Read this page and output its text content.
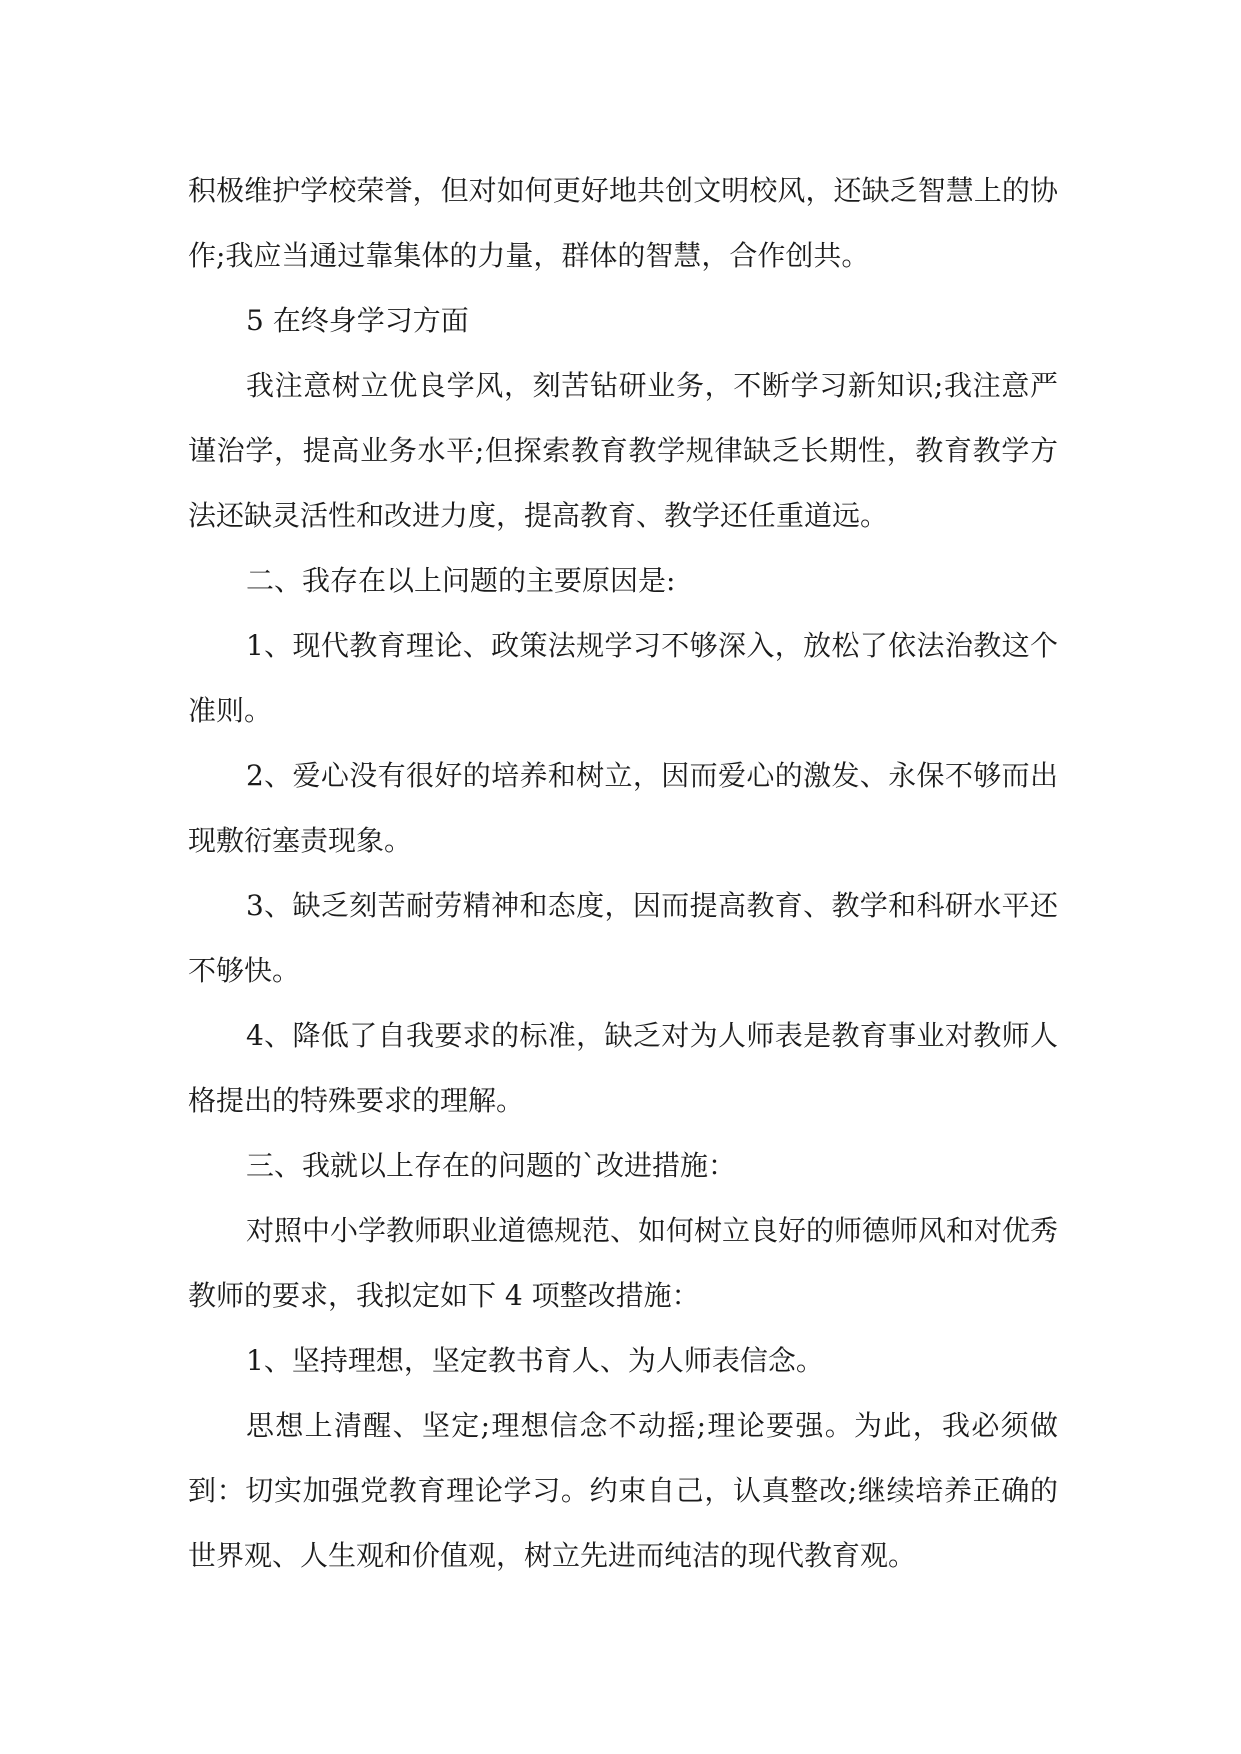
积极维护学校荣誉，但对如何更好地共创文明校风，还缺乏智慧上的协作;我应当通过靠集体的力量，群体的智慧，合作创共。

5 在终身学习方面

我注意树立优良学风，刻苦钻研业务，不断学习新知识;我注意严谨治学，提高业务水平;但探索教育教学规律缺乏长期性，教育教学方法还缺灵活性和改进力度，提高教育、教学还任重道远。

二、我存在以上问题的主要原因是:

1、现代教育理论、政策法规学习不够深入，放松了依法治教这个准则。

2、爱心没有很好的培养和树立，因而爱心的激发、永保不够而出现敷衍塞责现象。

3、缺乏刻苦耐劳精神和态度，因而提高教育、教学和科研水平还不够快。

4、降低了自我要求的标准，缺乏对为人师表是教育事业对教师人格提出的特殊要求的理解。

三、我就以上存在的问题的`改进措施：

对照中小学教师职业道德规范、如何树立良好的师德师风和对优秀教师的要求，我拟定如下 4 项整改措施：

1、坚持理想，坚定教书育人、为人师表信念。

思想上清醒、坚定;理想信念不动摇;理论要强。为此，我必须做到：切实加强党教育理论学习。约束自己，认真整改;继续培养正确的世界观、人生观和价值观，树立先进而纯洁的现代教育观。
